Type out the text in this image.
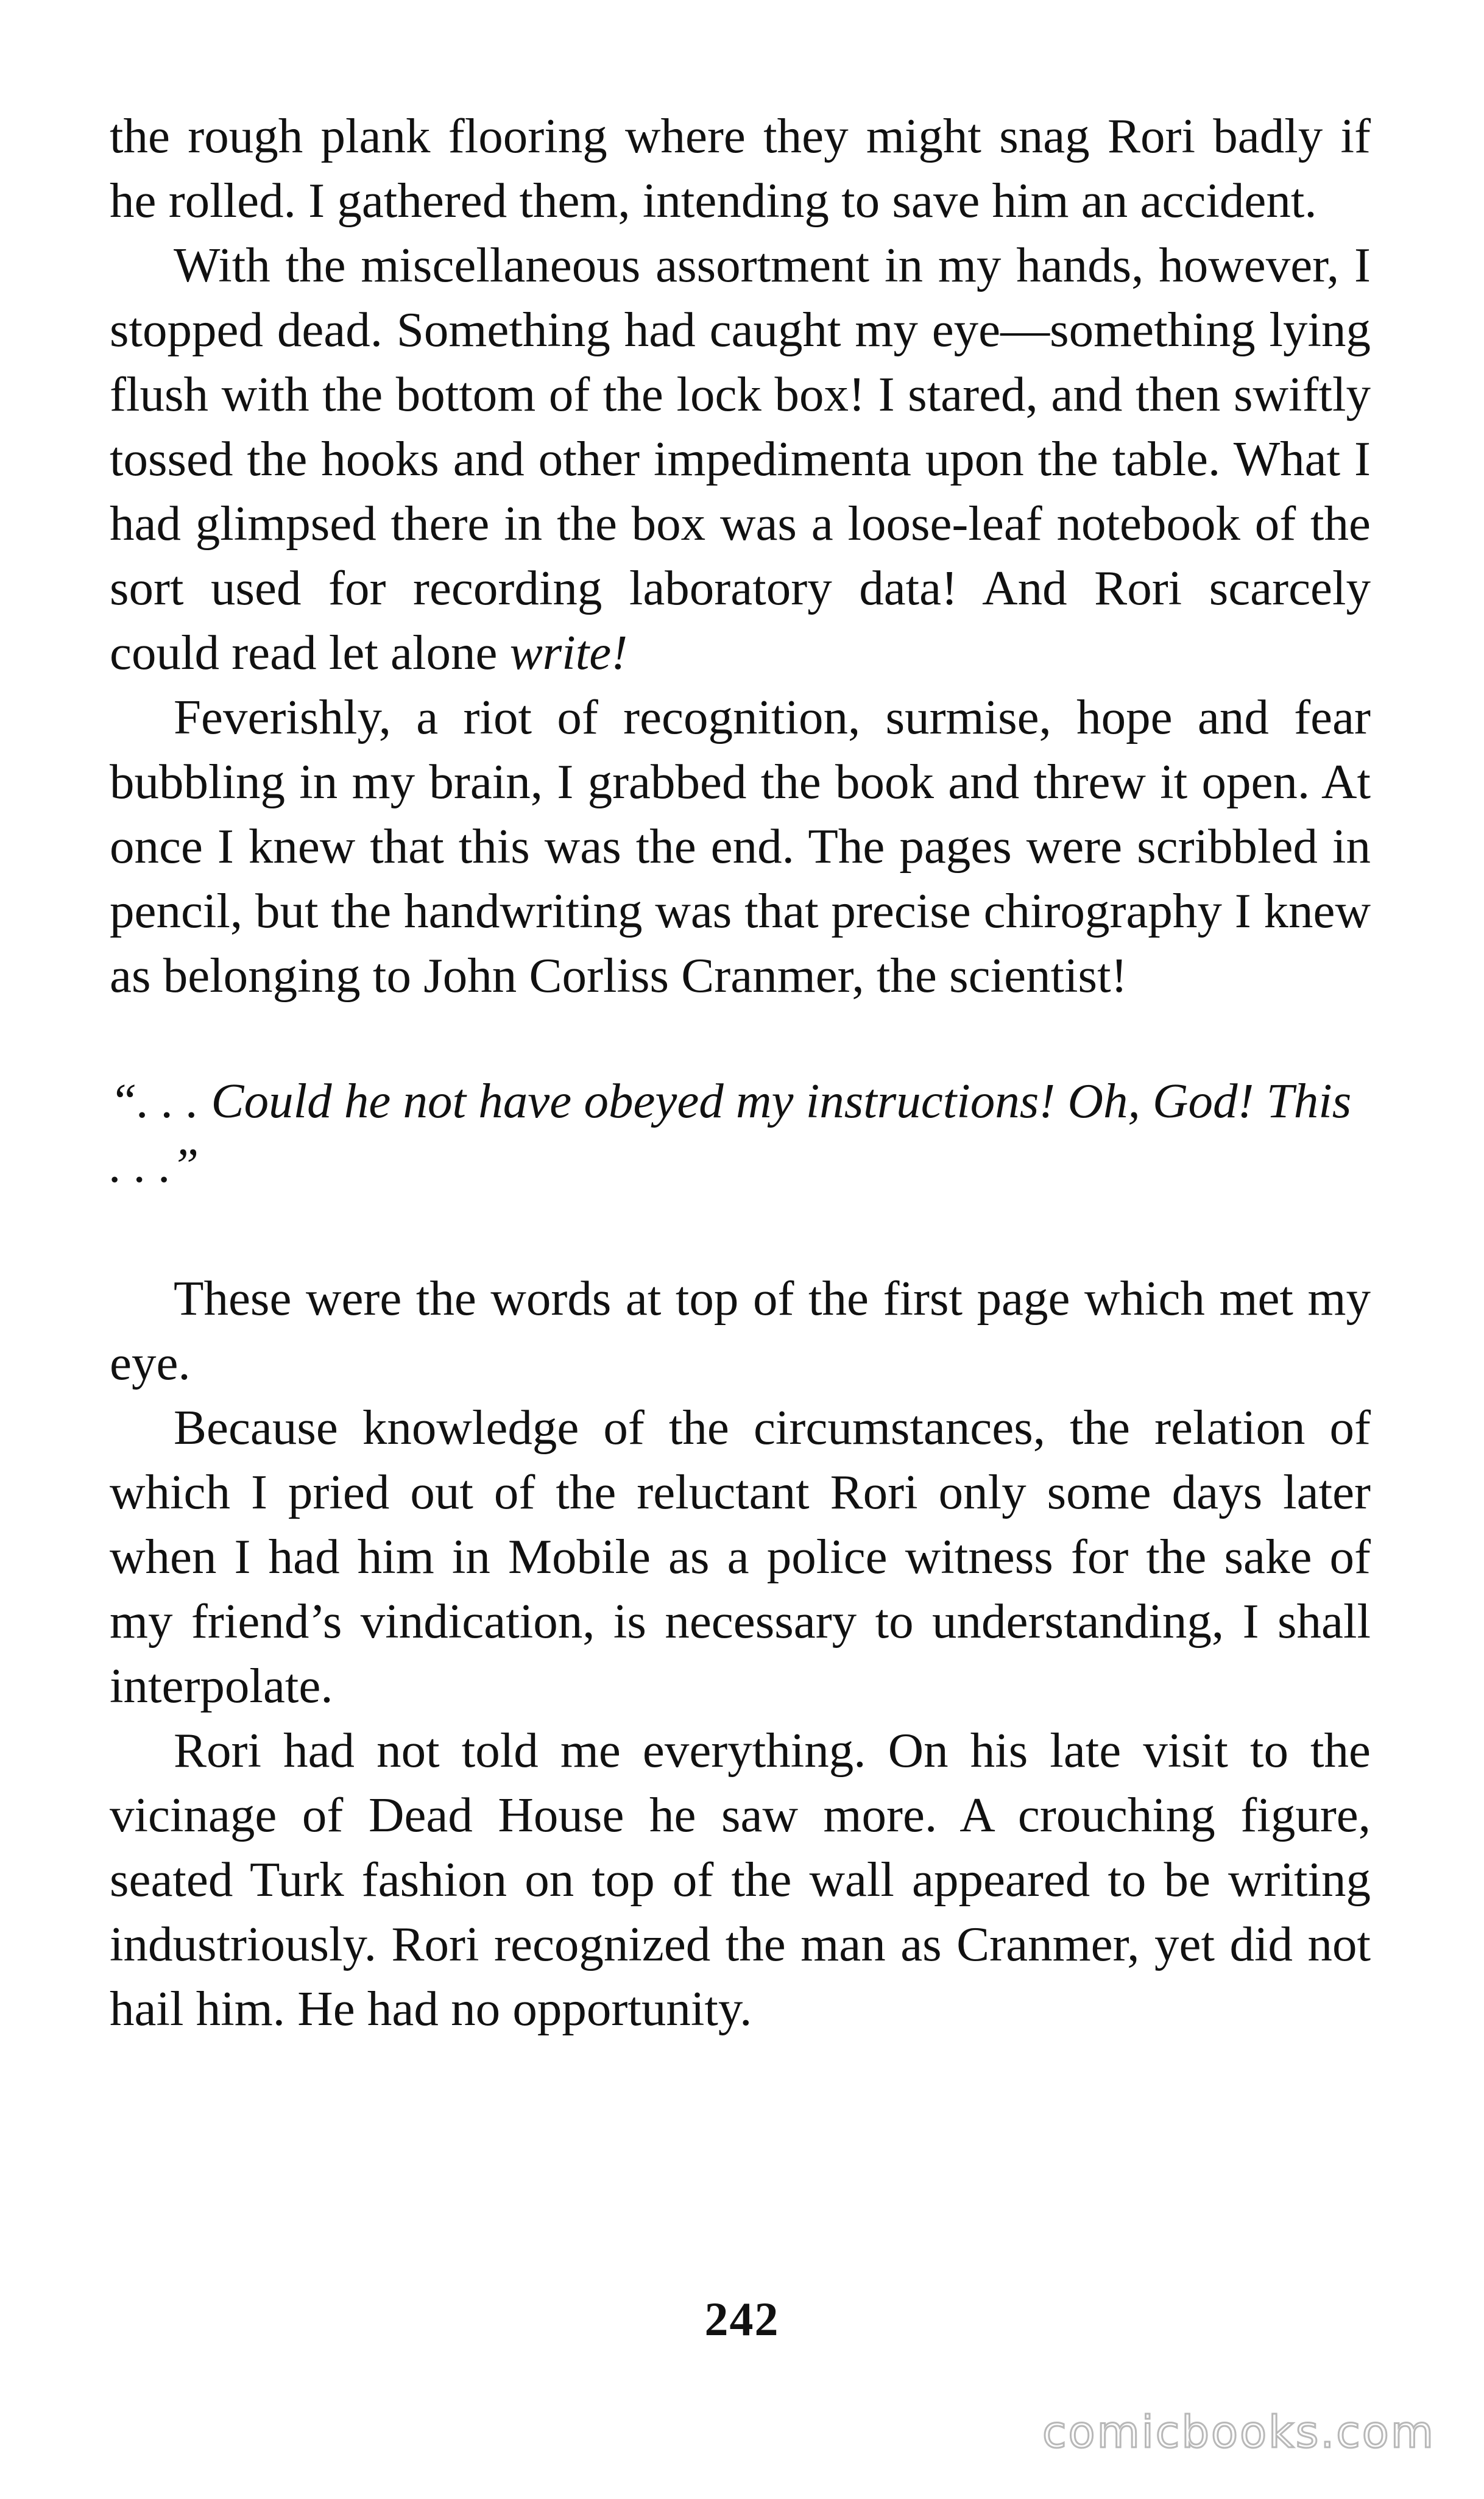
the rough plank flooring where they might snag Rori badly if he rolled. I gathered them, intending to save him an accident.

With the miscellaneous assortment in my hands, however, I stopped dead. Something had caught my eye—something lying flush with the bottom of the lock box! I stared, and then swiftly tossed the hooks and other impedimenta upon the table. What I had glimpsed there in the box was a loose-leaf notebook of the sort used for recording laboratory data! And Rori scarcely could read let alone write!

Feverishly, a riot of recognition, surmise, hope and fear bubbling in my brain, I grabbed the book and threw it open. At once I knew that this was the end. The pages were scribbled in pencil, but the handwriting was that precise chirography I knew as belonging to John Corliss Cranmer, the scientist!

“. . . Could he not have obeyed my instructions! Oh, God! This . . .”

These were the words at top of the first page which met my eye.

Because knowledge of the circumstances, the relation of which I pried out of the reluctant Rori only some days later when I had him in Mobile as a police witness for the sake of my friend’s vindication, is necessary to understanding, I shall interpolate.

Rori had not told me everything. On his late visit to the vicinage of Dead House he saw more. A crouching figure, seated Turk fashion on top of the wall appeared to be writing industriously. Rori recognized the man as Cranmer, yet did not hail him. He had no opportunity.

242
comicbooks.com
